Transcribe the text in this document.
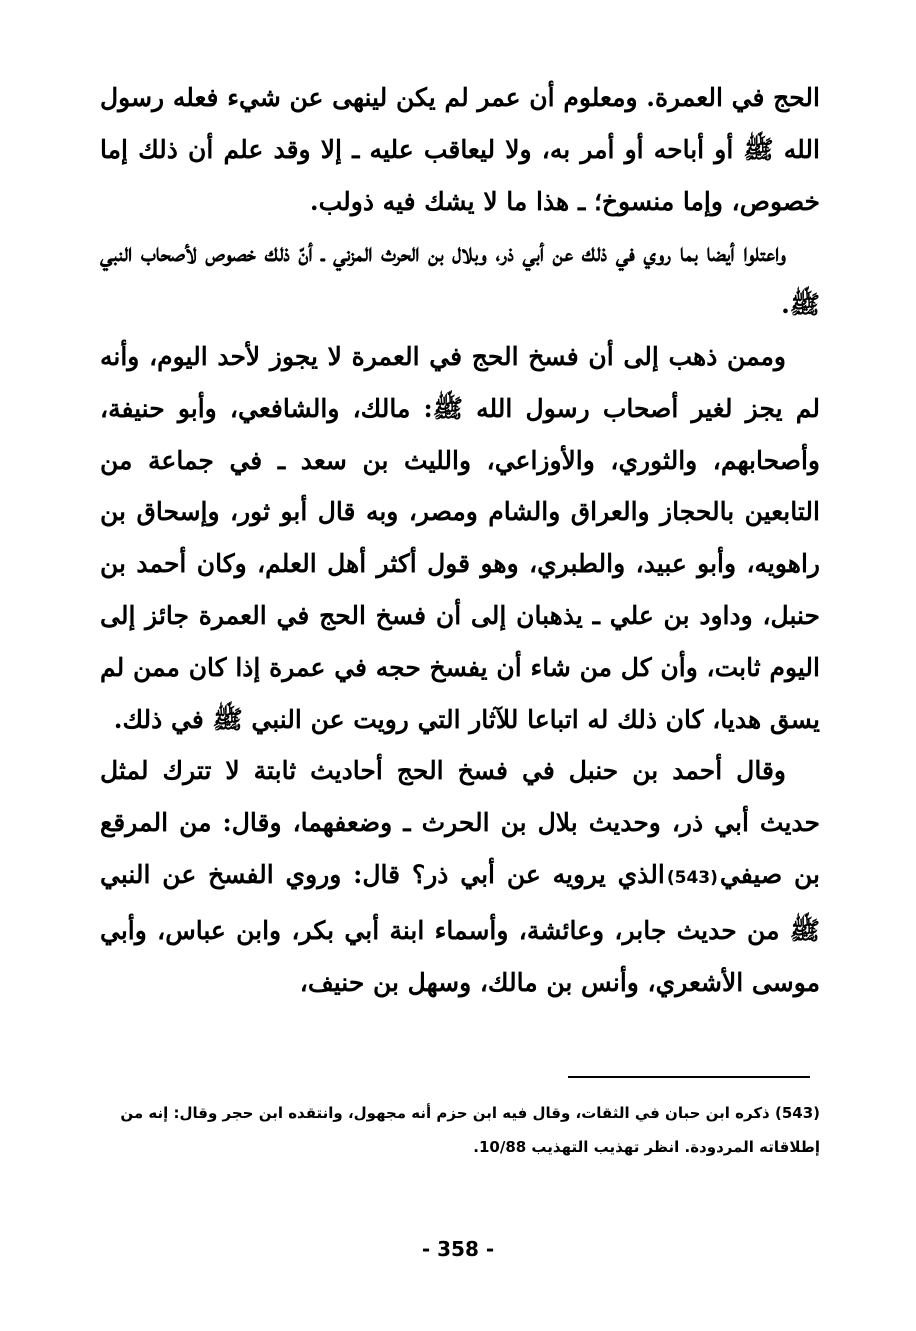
الحج في العمرة. ومعلوم أن عمر لم يكن لينهى عن شيء فعله رسول الله ﷺ أو أباحه أو أمر به، ولا ليعاقب عليه ـ إلا وقد علم أن ذلك إما خصوص، وإما منسوخ؛ ـ هذا ما لا يشك فيه ذولب.

واعتلوا أيضا بما روي في ذلك عن أبي ذر، وبلال بن الحرث المزني ـ أنّ ذلك خصوص لأصحاب النبي ﷺ.

وممن ذهب إلى أن فسخ الحج في العمرة لا يجوز لأحد اليوم، وأنه لم يجز لغير أصحاب رسول الله ﷺ: مالك، والشافعي، وأبو حنيفة، وأصحابهم، والثوري، والأوزاعي، والليث بن سعد ـ في جماعة من التابعين بالحجاز والعراق والشام ومصر، وبه قال أبو ثور، وإسحاق بن راهويه، وأبو عبيد، والطبري، وهو قول أكثر أهل العلم، وكان أحمد بن حنبل، وداود بن علي ـ يذهبان إلى أن فسخ الحج في العمرة جائز إلى اليوم ثابت، وأن كل من شاء أن يفسخ حجه في عمرة إذا كان ممن لم يسق هديا، كان ذلك له اتباعا للآثار التي رويت عن النبي ﷺ في ذلك.

وقال أحمد بن حنبل في فسخ الحج أحاديث ثابتة لا تترك لمثل حديث أبي ذر، وحديث بلال بن الحرث ـ وضعفهما، وقال: من المرقع بن صيفي(543)الذي يرويه عن أبي ذر؟ قال: وروي الفسخ عن النبي ﷺ من حديث جابر، وعائشة، وأسماء ابنة أبي بكر، وابن عباس، وأبي موسى الأشعري، وأنس بن مالك، وسهل بن حنيف،

(543) ذكره ابن حبان في الثقات، وقال فيه ابن حزم أنه مجهول، وانتقده ابن حجر وقال: إنه من إطلاقاته المردودة. انظر تهذيب التهذيب 10/88.

- 358 -
